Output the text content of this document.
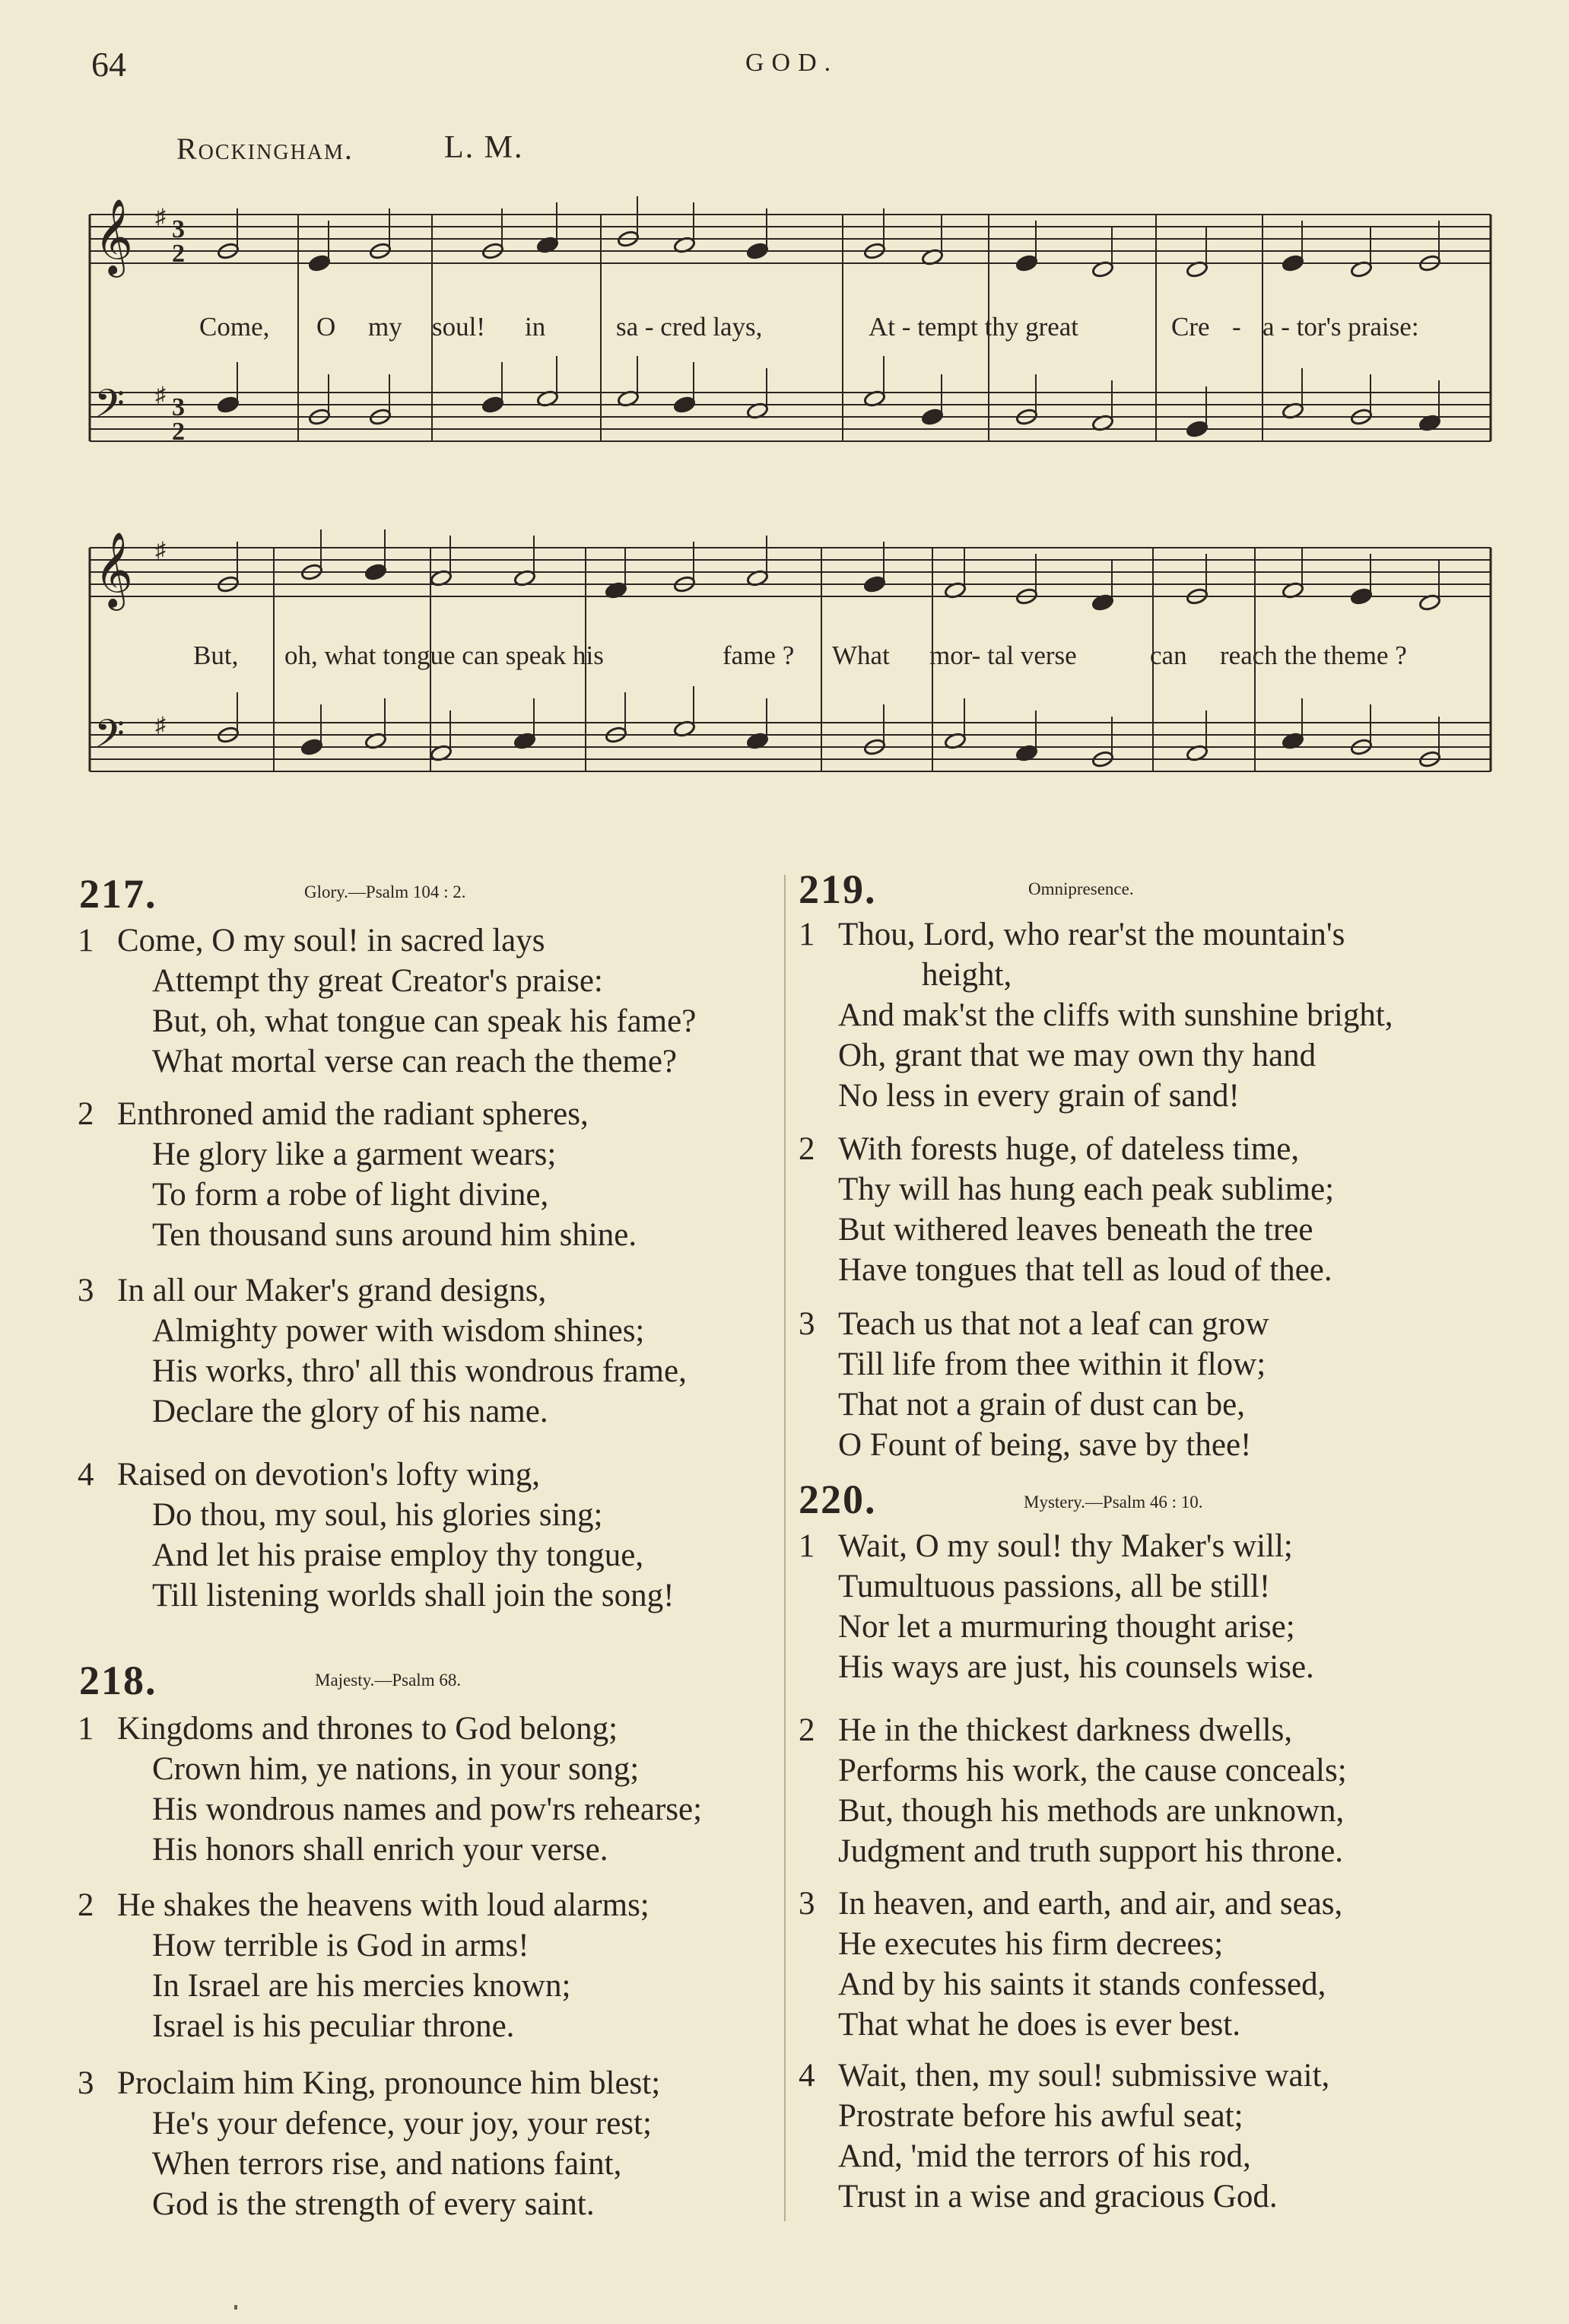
64	GOD.
Rockingham.	L. M.
𝄞 ♯
𝄢 ♯
𝄞 ♯
𝄢 ♯
3
2
3
2
Come, O my soul! in	sa - cred lays,	At - tempt thy great	Cre - a - tor's praise:
But, oh, what tongue can speak his	fame ? What mor- tal verse	can reach the theme ?
217.	Glory.—Psalm 104 : 2.
1 Come, O my soul! in sacred lays
Attempt thy great Creator's praise:
But, oh, what tongue can speak his fame?
What mortal verse can reach the theme?
2 Enthroned amid the radiant spheres,
He glory like a garment wears;
To form a robe of light divine,
Ten thousand suns around him shine.
3 In all our Maker's grand designs,
Almighty power with wisdom shines;
His works, thro' all this wondrous frame,
Declare the glory of his name.
4 Raised on devotion's lofty wing,
Do thou, my soul, his glories sing;
And let his praise employ thy tongue,
Till listening worlds shall join the song!
218.	Majesty.—Psalm 68.
1 Kingdoms and thrones to God belong;
Crown him, ye nations, in your song;
His wondrous names and pow'rs rehearse;
His honors shall enrich your verse.
2 He shakes the heavens with loud alarms;
How terrible is God in arms!
In Israel are his mercies known;
Israel is his peculiar throne.
3 Proclaim him King, pronounce him blest;
He's your defence, your joy, your rest;
When terrors rise, and nations faint,
God is the strength of every saint.
219.	Omnipresence.
1 Thou, Lord, who rear'st the mountain's
height,
And mak'st the cliffs with sunshine bright,
Oh, grant that we may own thy hand
No less in every grain of sand!
2 With forests huge, of dateless time,
Thy will has hung each peak sublime;
But withered leaves beneath the tree
Have tongues that tell as loud of thee.
3 Teach us that not a leaf can grow
Till life from thee within it flow;
That not a grain of dust can be,
O Fount of being, save by thee!
220.	Mystery.—Psalm 46 : 10.
1 Wait, O my soul! thy Maker's will;
Tumultuous passions, all be still!
Nor let a murmuring thought arise;
His ways are just, his counsels wise.
2 He in the thickest darkness dwells,
Performs his work, the cause conceals;
But, though his methods are unknown,
Judgment and truth support his throne.
3 In heaven, and earth, and air, and seas,
He executes his firm decrees;
And by his saints it stands confessed,
That what he does is ever best.
4 Wait, then, my soul! submissive wait,
Prostrate before his awful seat;
And, 'mid the terrors of his rod,
Trust in a wise and gracious God.
